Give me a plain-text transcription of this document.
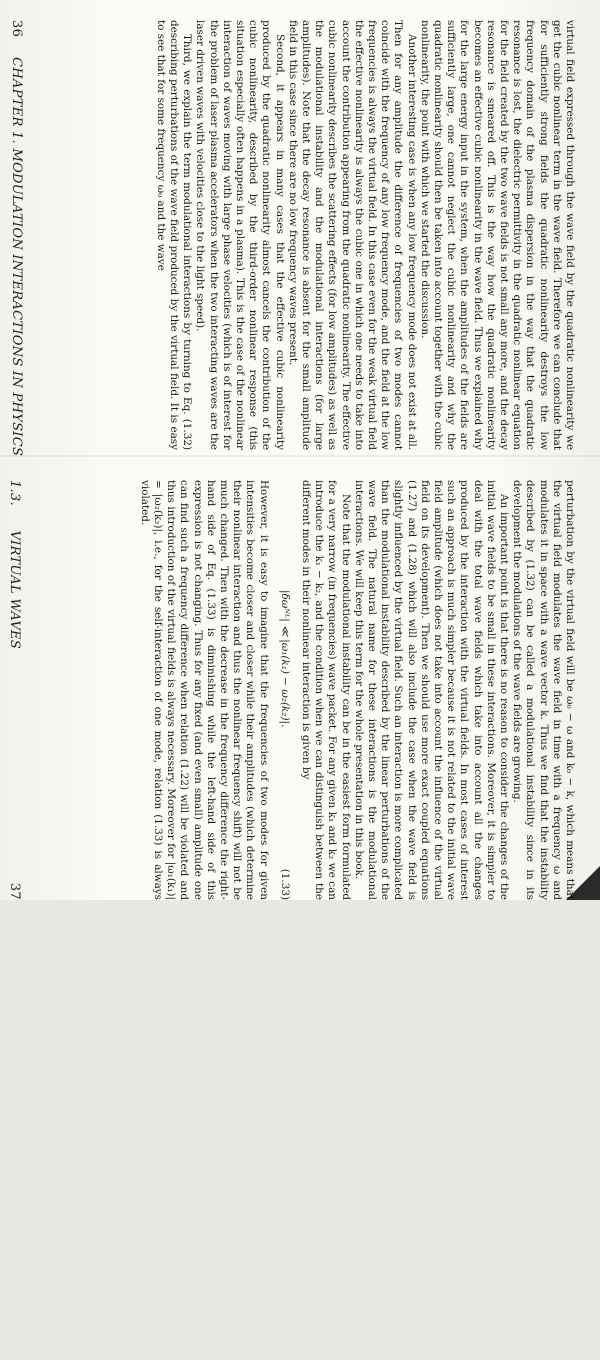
36
CHAPTER 1. MODULATION INTERACTIONS IN PHYSICS	virtual field expressed through the wave field by the quadratic nonlinearity we get the cubic nonlinear term in the wave field. Therefore we can conclude that for sufficiently strong fields the quadratic nonlinearity destroys the low frequency domain of the plasma dispersion in the way that the quadratic resonance is lost, the dielectric permittivity in the quadratic nonlinear equation for the field created by the two wave fields is not small any more, and the decay resonance is smeared off. This is the way how the quadratic nonlinearity becomes an effective cubic nonlinearity in the wave field. Thus we explained why for the large energy input in the system, when the amplitudes of the fields are sufficiently large, one cannot neglect the cubic nonlinearity and why the quadratic nonlinearity should then be taken into account together with the cubic nonlinearity, the point with which we started the discussion.

Another interesting case is when any low frequency mode does not exist at all. Then for any amplitude the difference of frequencies of two modes cannot coincide with the frequency of any low frequency mode, and the field at the low frequencies is always the virtual field. In this case even for the weak virtual field the effective nonlinearity is always the cubic one in which one needs to take into account the contribution appearing from the quadratic nonlinearity. The effective cubic nonlinearity describes the scattering effects (for low amplitudes) as well as the modulational instability and the modulational interactions (for large amplitudes). Note that the decay resonance is absent for the small amplitude field in this case since there are no low frequency waves present.

Second, it appears in many cases that the effective cubic nonlinearity produced by the quadratic nonlinearity almost cancels the contribution of the cubic nonlinearity, described by the third-order nonlinear response (this situation especially often happens in a plasma). This is the case of the nonlinear interaction of waves moving with large phase velocities (which is of interest for the problem of laser plasma accelerators when the two interacting waves are the laser driven waves with velocities close to the light speed).

Third, we explain the term modulational interactions by turning to Eq. (1.32) describing perturbations of the wave field produced by the virtual field. It is easy to see that for some frequency ω₀ and the wave

1.3. VIRTUAL WAVES
37	perturbation by the virtual field will be ω₀ − ω and k₀ − k, which means that the virtual field modulates the wave field in time with a frequency ω and modulates it in space with a wave vector k. Thus we find that the instability described by (1.32) can be called a modulational instability since in its development the modulations of the wave fields are growing.

An important point is that there is no reason to consider the changes of the initial wave fields to be small in these interactions. Moreover, it is simpler to deal with the total wave fields which take into account all the changes produced by the interaction with the virtual fields. In most cases of interest such an approach is much simpler because it is not related to the initial wave field amplitude (which does not take into account the influence of the virtual field on its development). Then we should use more exact coupled equations (1.27) and (1.28) which will also include the case when the wave field is slightly influenced by the virtual field. Such an interaction is more complicated than the modulational instability described by the linear perturbations of the wave field. The natural name for these interactions is the modulational interactions. We will keep this term for the whole presentation in this book.

Note that the modulational instability can be in the easiest form formulated for a very narrow (in frequencies) wave packet. For any given k₁ and k₂ we can introduce the k₁ − k₂, and the condition when we can distinguish between the different modes in their nonlinear interaction is given by

|δωᴺᴸ| ≪ |ω₁(k₁) − ω₂(k₂)|.
(1.33)

However, it is easy to imagine that the frequencies of two modes for given intensities become closer and closer while their amplitudes (which determine their nonlinear interaction and thus the nonlinear frequency shift) will not be much changed. Then with the decrease in the frequency difference the right-hand side of Eq. (1.33) is diminishing while the left-hand side of this expression is not changing. Thus for any fixed (and even small) amplitude one can find such a frequency difference when relation (1.22) will be violated and thus introduction of the virtual fields is always necessary. Moreover for |ω₁(k₁)| = |ω₂(k₂)|, i.e., for the self-interaction of one mode, relation (1.33) is always violated.
